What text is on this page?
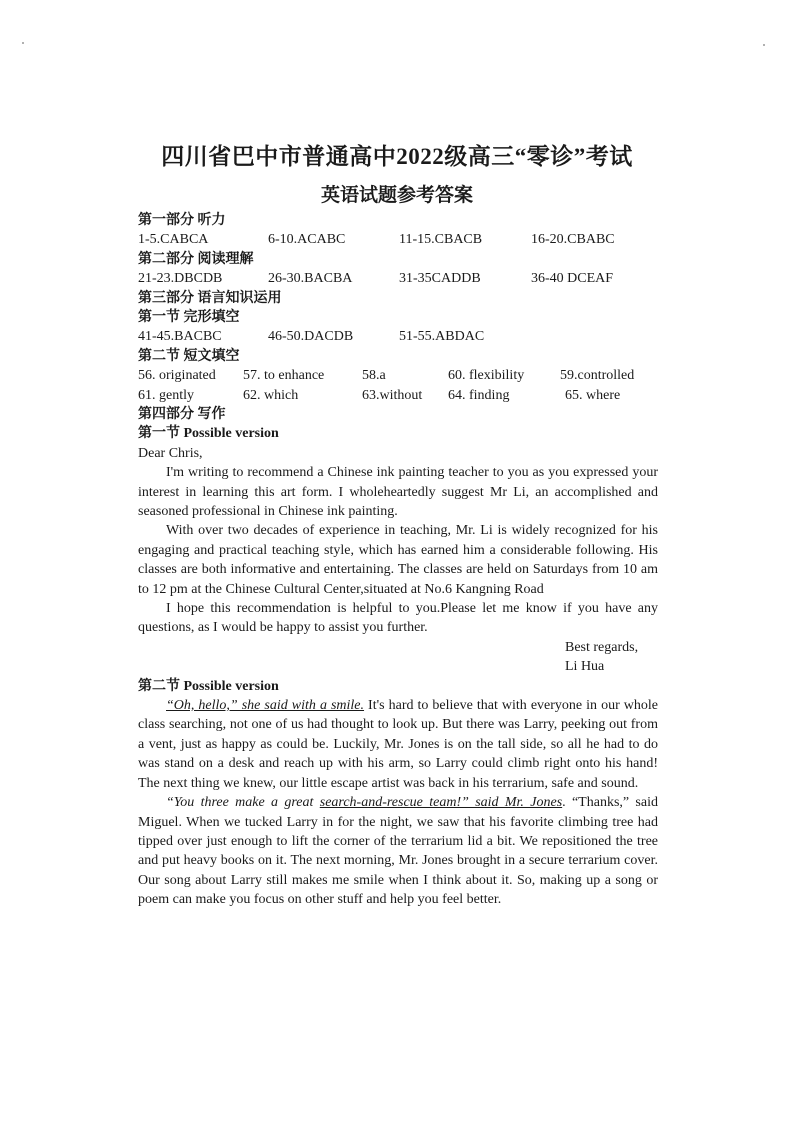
四川省巴中市普通高中2022级高三“零诊”考试
英语试题参考答案
第一部分 听力
1-5.CABCA	6-10.ACABC	11-15.CBACB	16-20.CBABC
第二部分 阅读理解
21-23.DBCDB	26-30.BACBA	31-35CADDB	36-40 DCEAF
第三部分 语言知识运用
第一节 完形填空
41-45.BACBC	46-50.DACDB	51-55.ABDAC
第二节 短文填空
56. originated 57. to enhance	58.a	60. flexibility	59.controlled
61. gently	62. which	63.without 64. finding	65. where
第四部分 写作
第一节 Possible version

Dear Chris,

I'm writing to recommend a Chinese ink painting teacher to you as you expressed your interest in learning this art form. I wholeheartedly suggest Mr Li, an accomplished and seasoned professional in Chinese ink painting.

With over two decades of experience in teaching, Mr. Li is widely recognized for his engaging and practical teaching style, which has earned him a considerable following. His classes are both informative and entertaining. The classes are held on Saturdays from 10 am to 12 pm at the Chinese Cultural Center,situated at No.6 Kangning Road

I hope this recommendation is helpful to you.Please let me know if you have any questions, as I would be happy to assist you further.

Best regards,

Li Hua

第二节 Possible version

“Oh, hello,” she said with a smile. It's hard to believe that with everyone in our whole class searching, not one of us had thought to look up. But there was Larry, peeking out from a vent, just as happy as could be. Luckily, Mr. Jones is on the tall side, so all he had to do was stand on a desk and reach up with his arm, so Larry could climb right onto his hand! The next thing we knew, our little escape artist was back in his terrarium, safe and sound.

“You three make a great search-and-rescue team!” said Mr. Jones. “Thanks,” said Miguel. When we tucked Larry in for the night, we saw that his favorite climbing tree had tipped over just enough to lift the corner of the terrarium lid a bit. We repositioned the tree and put heavy books on it. The next morning, Mr. Jones brought in a secure terrarium cover. Our song about Larry still makes me smile when I think about it. So, making up a song or poem can make you focus on other stuff and help you feel better.
